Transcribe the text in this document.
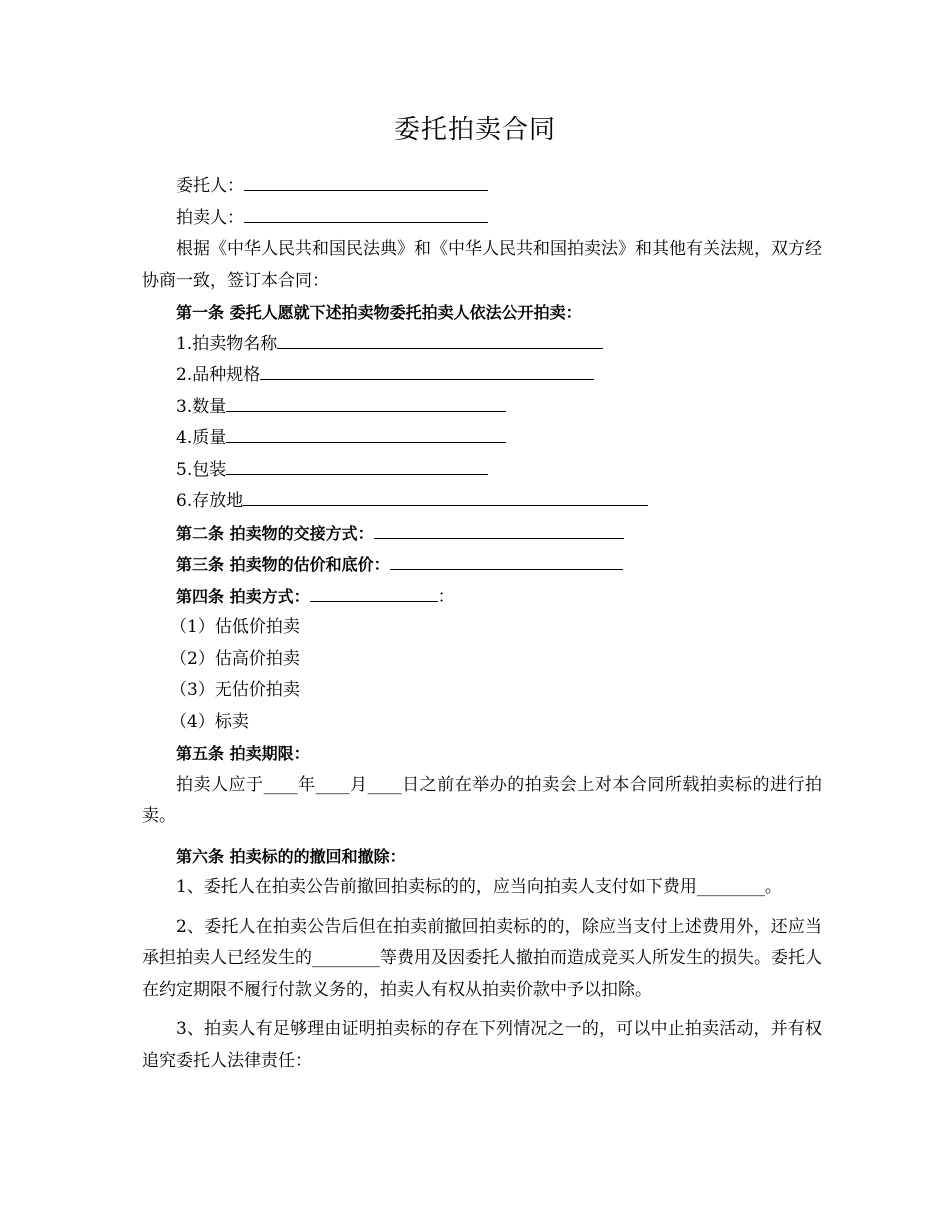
委托拍卖合同
委托人：
拍卖人：

根据《中华人民共和国民法典》和《中华人民共和国拍卖法》和其他有关法规，双方经协商一致，签订本合同：

第一条 委托人愿就下述拍卖物委托拍卖人依法公开拍卖：
1.拍卖物名称
2.品种规格
3.数量
4.质量
5.包装
6.存放地
第二条 拍卖物的交接方式：
第三条 拍卖物的估价和底价：
第四条 拍卖方式：	：
（1）估低价拍卖
（2）估高价拍卖
（3）无估价拍卖
（4）标卖
第五条 拍卖期限：

拍卖人应于____年____月____日之前在举办的拍卖会上对本合同所载拍卖标的进行拍卖。

第六条 拍卖标的的撤回和撤除：

1、委托人在拍卖公告前撤回拍卖标的的，应当向拍卖人支付如下费用________。

2、委托人在拍卖公告后但在拍卖前撤回拍卖标的的，除应当支付上述费用外，还应当承担拍卖人已经发生的________等费用及因委托人撤拍而造成竞买人所发生的损失。委托人在约定期限不履行付款义务的，拍卖人有权从拍卖价款中予以扣除。

3、拍卖人有足够理由证明拍卖标的存在下列情况之一的，可以中止拍卖活动，并有权追究委托人法律责任：
